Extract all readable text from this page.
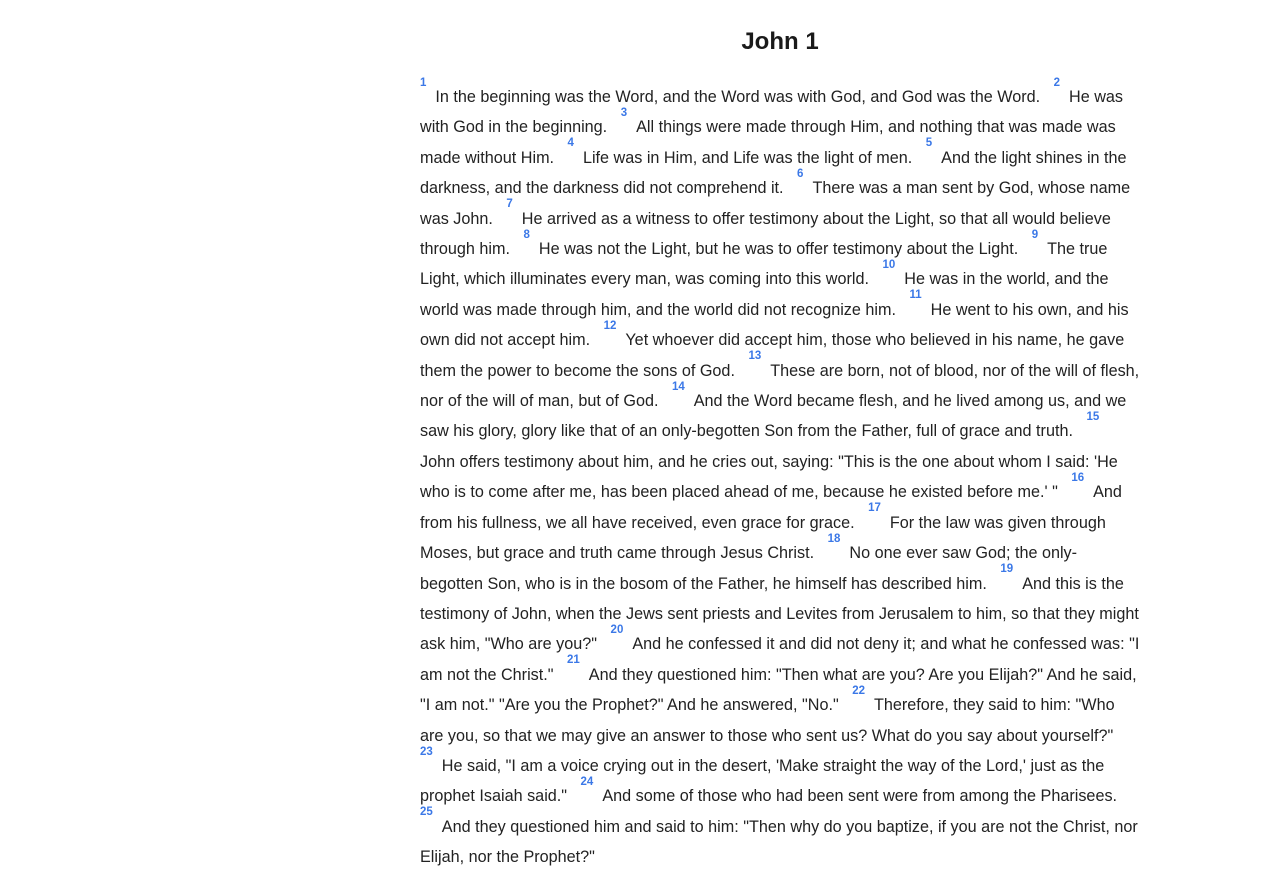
John 1
$^1$In the beginning was the Word, and the Word was with God, and God was the Word. $^2$He was with God in the beginning. $^3$All things were made through Him, and nothing that was made was made without Him. $^4$Life was in Him, and Life was the light of men. $^5$And the light shines in the darkness, and the darkness did not comprehend it. $^6$There was a man sent by God, whose name was John. $^7$He arrived as a witness to offer testimony about the Light, so that all would believe through him. $^8$He was not the Light, but he was to offer testimony about the Light. $^9$The true Light, which illuminates every man, was coming into this world. $^{10}$He was in the world, and the world was made through him, and the world did not recognize him. $^{11}$He went to his own, and his own did not accept him. $^{12}$Yet whoever did accept him, those who believed in his name, he gave them the power to become the sons of God. $^{13}$These are born, not of blood, nor of the will of flesh, nor of the will of man, but of God. $^{14}$And the Word became flesh, and he lived among us, and we saw his glory, glory like that of an only-begotten Son from the Father, full of grace and truth. $^{15}$John offers testimony about him, and he cries out, saying: "This is the one about whom I said: 'He who is to come after me, has been placed ahead of me, because he existed before me.' " $^{16}$And from his fullness, we all have received, even grace for grace. $^{17}$For the law was given through Moses, but grace and truth came through Jesus Christ. $^{18}$No one ever saw God; the only-begotten Son, who is in the bosom of the Father, he himself has described him. $^{19}$And this is the testimony of John, when the Jews sent priests and Levites from Jerusalem to him, so that they might ask him, "Who are you?" $^{20}$And he confessed it and did not deny it; and what he confessed was: "I am not the Christ." $^{21}$And they questioned him: "Then what are you? Are you Elijah?" And he said, "I am not." "Are you the Prophet?" And he answered, "No." $^{22}$Therefore, they said to him: "Who are you, so that we may give an answer to those who sent us? What do you say about yourself?" $^{23}$He said, "I am a voice crying out in the desert, 'Make straight the way of the Lord,' just as the prophet Isaiah said." $^{24}$And some of those who had been sent were from among the Pharisees. $^{25}$And they questioned him and said to him: "Then why do you baptize, if you are not the Christ, nor Elijah, nor the Prophet?"
